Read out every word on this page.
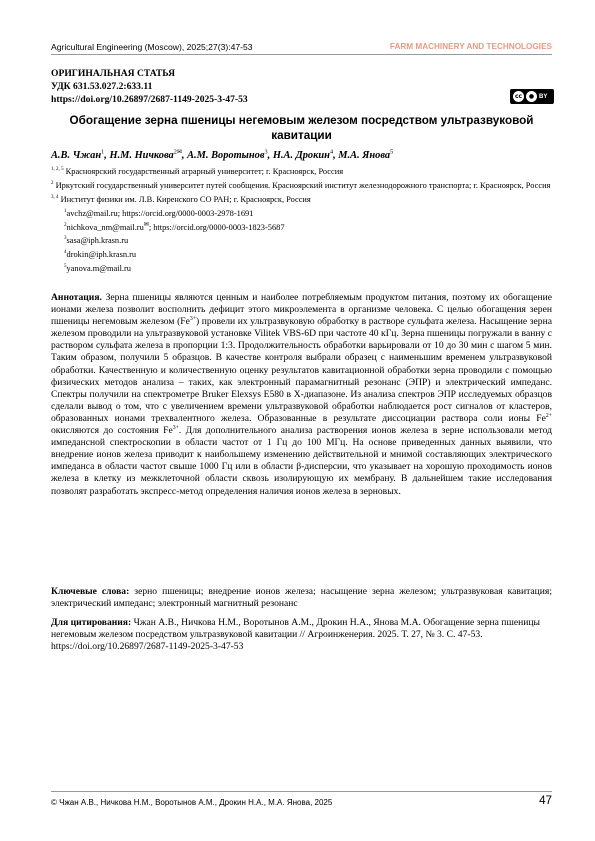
Agricultural Engineering (Moscow), 2025;27(3):47-53	FARM MACHINERY AND TECHNOLOGIES
ОРИГИНАЛЬНАЯ СТАТЬЯ
УДК 631.53.027.2:633.11
https://doi.org/10.26897/2687-1149-2025-3-47-53	cc	● BY
Обогащение зерна пшеницы негемовым железом посредством ультразвуковой кавитации
А.В. Чжан$^1$, Н.М. Ничкова$^{2✉}$, А.М. Воротынов$^3$, Н.А. Дрокин$^4$, М.А. Янова$^5$
$^{1, 2, 5}$ Красноярский государственный аграрный университет; г. Красноярск, Россия
$^2$ Иркутский государственный университет путей сообщения. Красноярский институт железнодорожного транспорта; г. Красноярск, Россия
$^{3, 4}$ Институт физики им. Л.В. Киренского СО РАН; г. Красноярск, Россия
$^1$avchz@mail.ru; https://orcid.org/0000-0003-2978-1691
$^2$nichkova_nm@mail.ru✉; https://orcid.org/0000-0003-1823-5687
$^3$sasa@iph.krasn.ru
$^4$drokin@iph.krasn.ru
$^5$yanova.m@mail.ru
Аннотация. Зерна пшеницы являются ценным и наиболее потребляемым продуктом питания, поэтому их обогащение ионами железа позволит восполнить дефицит этого микроэлемента в организме человека. С целью обогащения зерен пшеницы негемовым железом $(Fe^{3+})$ провели их ультразвуковую обработку в растворе сульфата железа. Насыщение зерна железом проводили на ультразвуковой установке Vilitek VBS-6D при частоте 40 кГц. Зерна пшеницы погружали в ванну с раствором сульфата железа в пропорции 1:3. Продолжительность обработки варьировали от 10 до 30 мин с шагом 5 мин. Таким образом, получили 5 образцов. В качестве контроля выбрали образец с наименьшим временем ультразвуковой обработки. Качественную и количественную оценку результатов кавитационной обработки зерна проводили с помощью физических методов анализа – таких, как электронный парамагнитный резонанс (ЭПР) и электрический импеданс. Спектры получили на спектрометре Bruker Elexsys E580 в X-диапазоне. Из анализа спектров ЭПР исследуемых образцов сделали вывод о том, что с увеличением времени ультразвуковой обработки наблюдается рост сигналов от кластеров, образованных ионами трехвалентного железа. Образованные в результате диссоциации раствора соли ионы $Fe^{2+}$ окисляются до состояния $Fe^{3+}$. Для дополнительного анализа растворения ионов железа в зерне использовали метод импедансной спектроскопии в области частот от 1 Гц до 100 МГц. На основе приведенных данных выявили, что внедрение ионов железа приводит к наибольшему изменению действительной и мнимой составляющих электрического импеданса в области частот свыше 1000 Гц или в области β-дисперсии, что указывает на хорошую проходимость ионов железа в клетку из межклеточной области сквозь изолирующую их мембрану. В дальнейшем такие исследования позволят разработать экспресс-метод определения наличия ионов железа в зерновых.
Ключевые слова: зерно пшеницы; внедрение ионов железа; насыщение зерна железом; ультразвуковая кавитация; электрический импеданс; электронный магнитный резонанс
Для цитирования: Чжан А.В., Ничкова Н.М., Воротынов А.М., Дрокин Н.А., Янова М.А. Обогащение зерна пшеницы негемовым железом посредством ультразвуковой кавитации // Агроинженерия. 2025. Т. 27, № 3. С. 47-53. https://doi.org/10.26897/2687-1149-2025-3-47-53
© Чжан А.В., Ничкова Н.М., Воротынов А.М., Дрокин Н.А., М.А. Янова, 2025	47
